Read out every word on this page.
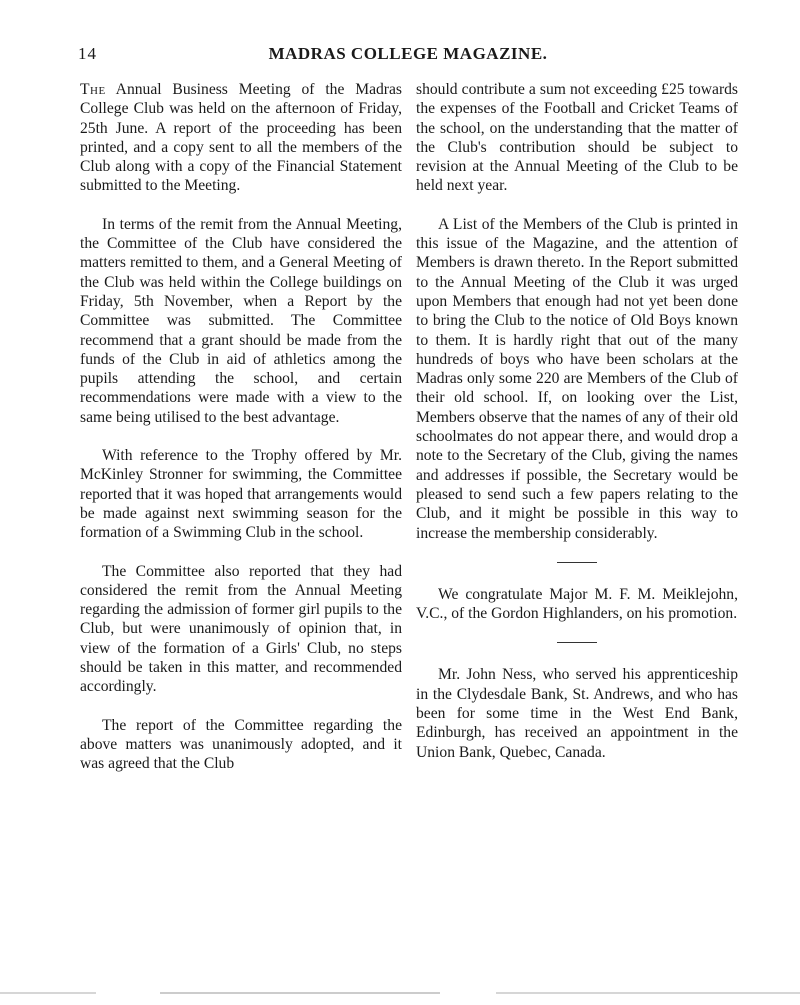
14	MADRAS COLLEGE MAGAZINE.

The Annual Business Meeting of the Madras College Club was held on the afternoon of Friday, 25th June. A report of the proceeding has been printed, and a copy sent to all the members of the Club along with a copy of the Financial Statement submitted to the Meeting.

In terms of the remit from the Annual Meeting, the Committee of the Club have considered the matters remitted to them, and a General Meeting of the Club was held within the College buildings on Friday, 5th November, when a Report by the Committee was submitted. The Committee recommend that a grant should be made from the funds of the Club in aid of athletics among the pupils attending the school, and certain recommendations were made with a view to the same being utilised to the best advantage.

With reference to the Trophy offered by Mr. McKinley Stronner for swimming, the Committee reported that it was hoped that arrangements would be made against next swimming season for the formation of a Swimming Club in the school.

The Committee also reported that they had considered the remit from the Annual Meeting regarding the admission of former girl pupils to the Club, but were unanimously of opinion that, in view of the formation of a Girls' Club, no steps should be taken in this matter, and recommended accordingly.

The report of the Committee regarding the above matters was unanimously adopted, and it was agreed that the Club

should contribute a sum not exceeding £25 towards the expenses of the Football and Cricket Teams of the school, on the understanding that the matter of the Club's contribution should be subject to revision at the Annual Meeting of the Club to be held next year.

A List of the Members of the Club is printed in this issue of the Magazine, and the attention of Members is drawn thereto. In the Report submitted to the Annual Meeting of the Club it was urged upon Members that enough had not yet been done to bring the Club to the notice of Old Boys known to them. It is hardly right that out of the many hundreds of boys who have been scholars at the Madras only some 220 are Members of the Club of their old school. If, on looking over the List, Members observe that the names of any of their old schoolmates do not appear there, and would drop a note to the Secretary of the Club, giving the names and addresses if possible, the Secretary would be pleased to send such a few papers relating to the Club, and it might be possible in this way to increase the membership considerably.

We congratulate Major M. F. M. Meiklejohn, V.C., of the Gordon Highlanders, on his promotion.

Mr. John Ness, who served his apprenticeship in the Clydesdale Bank, St. Andrews, and who has been for some time in the West End Bank, Edinburgh, has received an appointment in the Union Bank, Quebec, Canada.
